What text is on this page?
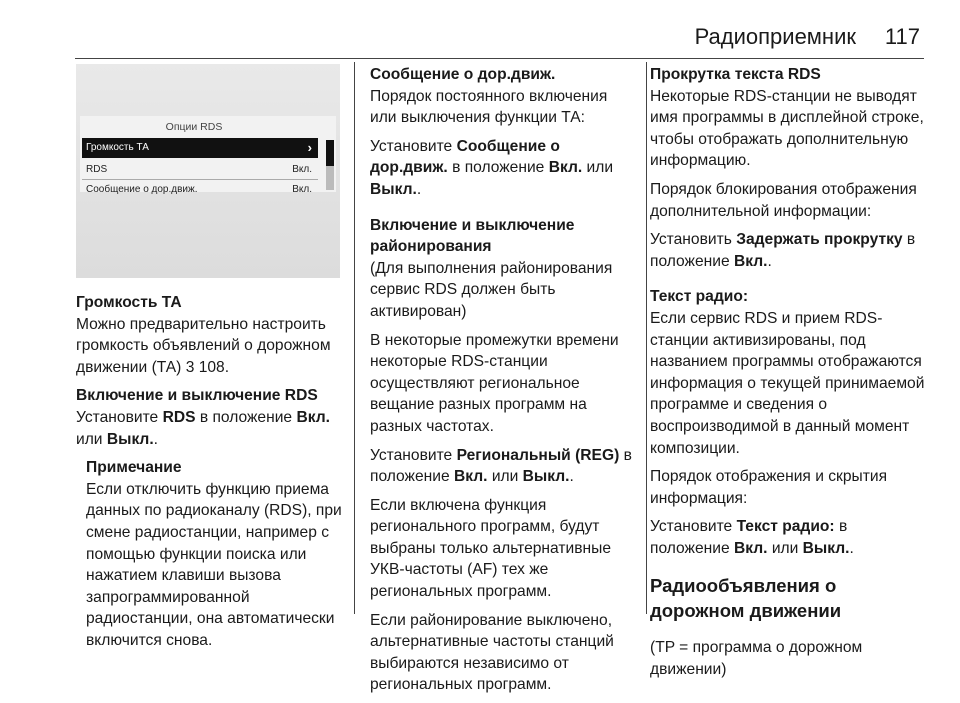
Радиоприемник 117
Опции RDS
Громкость ТА	›
RDS	Вкл.
Сообщение о дор.движ.	Вкл.
Громкость ТА

Можно предварительно настроить громкость объявлений о дорожном движении (ТА) 3 108.

Включение и выключение RDS

Установите RDS в положение Вкл. или Выкл..

Примечание

Если отключить функцию приема данных по радиоканалу (RDS), при смене радиостанции, например с помощью функции поиска или нажатием клавиши вызова запрограммированной радиостанции, она автоматически включится снова.

Сообщение о дор.движ.

Порядок постоянного включения или выключения функции ТА:

Установите Сообщение о дор.движ. в положение Вкл. или Выкл..

Включение и выключение районирования

(Для выполнения районирования сервис RDS должен быть активирован)

В некоторые промежутки времени некоторые RDS-станции осуществляют региональное вещание разных программ на разных частотах.

Установите Региональный (REG) в положение Вкл. или Выкл..

Если включена функция регионального программ, будут выбраны только альтернативные УКВ-частоты (AF) тех же региональных программ.

Если районирование выключено, альтернативные частоты станций выбираются независимо от региональных программ.

Прокрутка текста RDS

Некоторые RDS-станции не выводят имя программы в дисплейной строке, чтобы отображать дополнительную информацию.

Порядок блокирования отображения дополнительной информации:

Установить Задержать прокрутку в положение Вкл..

Текст радио:

Если сервис RDS и прием RDS-станции активизированы, под названием программы отображаются информация о текущей принимаемой программе и сведения о воспроизводимой в данный момент композиции.

Порядок отображения и скрытия информация:

Установите Текст радио: в положение Вкл. или Выкл..

Радиообъявления о дорожном движении

(TP = программа о дорожном движении)
